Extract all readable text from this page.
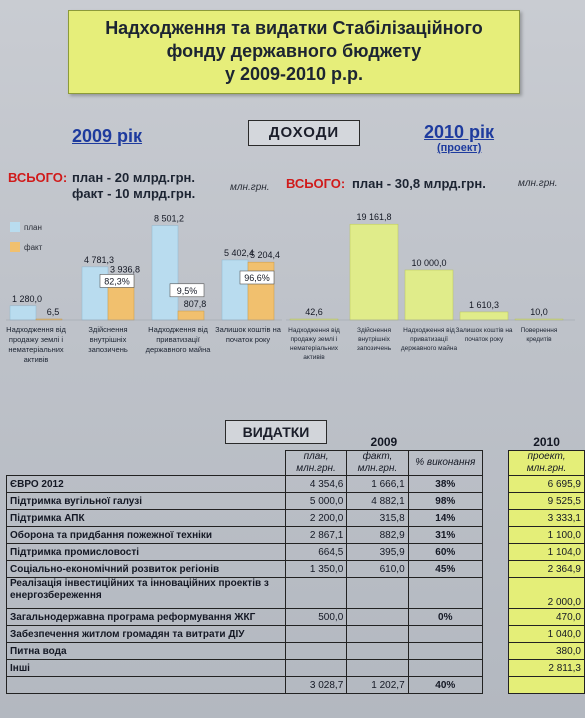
Надходження та видатки Стабілізаційного
фонду державного бюджету
у 2009-2010 р.р.
2009 рік	ДОХОДИ	2010 рік
(проект)
ВСЬОГО: план - 20 млрд.грн.
факт - 10 млрд.грн.	млн.грн. ВСЬОГО: план - 30,8 млрд.грн.	млн.грн.
план
факт
1 280,0
6,5
Надходження від
продажу землі і
нематеріальних
активів
4 781,3
3 936,8
82,3%
Здійснення
внутрішніх
запозичень
8 501,2
807,8
9,5%
Надходження від
приватизації
державного майна
5 402,4
5 204,4
96,6%
Залишок коштів на
початок року
42,6
Надходження від
продажу землі і
нематеріальних
активів
19 161,8
Здійснення
внутрішніх
запозичень
10 000,0
Надходження від
приватизації
державного майна
1 610,3
Залишок коштів на
початок року
10,0
Повернення
кредитів
ВИДАТКИ
	2009				2010
	план, млн.грн.	факт, млн.грн.	% виконання		проект, млн.грн.
ЄВРО 2012	4 354,6	1 666,1	38%		6 695,9
Підтримка вугільної галузі	5 000,0	4 882,1	98%		9 525,5
Підтримка АПК	2 200,0	315,8	14%		3 333,1
Оборона та придбання пожежної техніки	2 867,1	882,9	31%		1 100,0
Підтримка промисловості	664,5	395,9	60%		1 104,0
Соціально-економічний розвиток регіонів	1 350,0	610,0	45%		2 364,9
Реалізація інвестиційних та інноваційних проектів з енергозбереження					2 000,0
Загальнодержавна програма реформування ЖКГ	500,0		0%		470,0
Забезпечення житлом громадян та витрати ДІУ					1 040,0
Питна вода					380,0
Інші					2 811,3
	3 028,7	1 202,7	40%		
